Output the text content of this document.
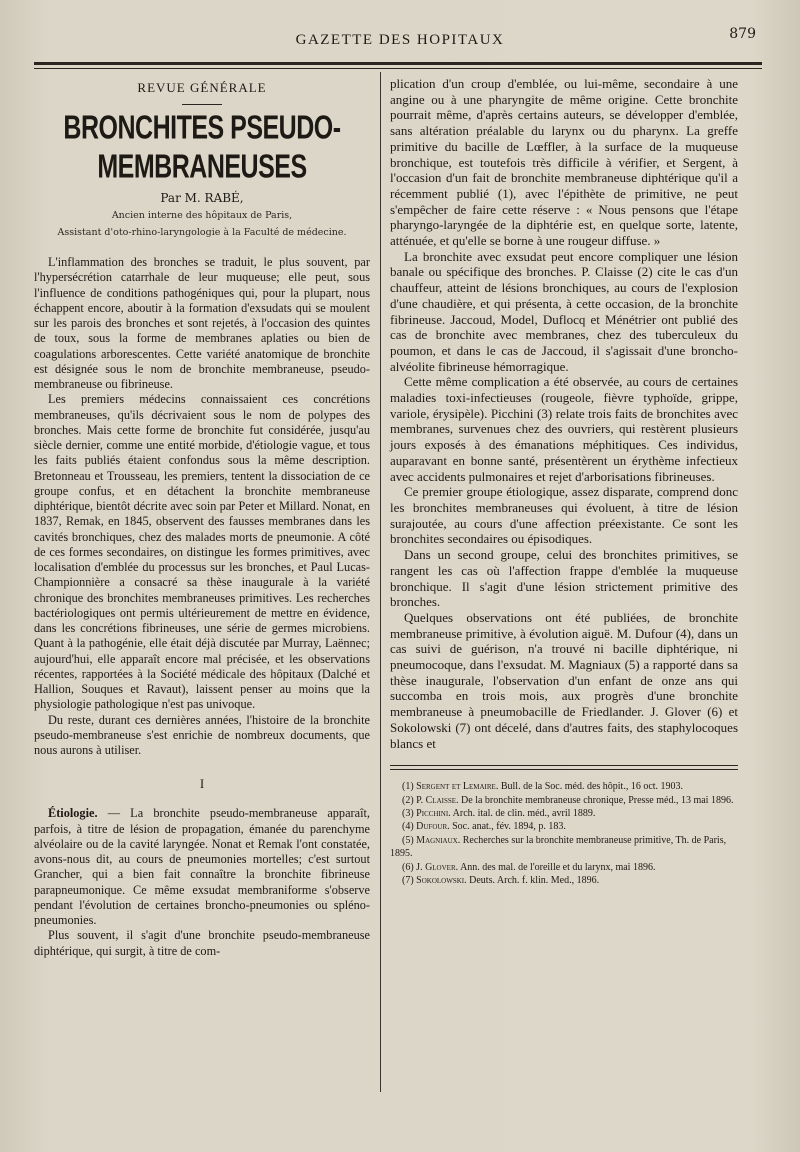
GAZETTE DES HOPITAUX	879
REVUE GÉNÉRALE
BRONCHITES PSEUDO-MEMBRANEUSES
Par M. RABÉ,
Ancien interne des hôpitaux de Paris,
Assistant d'oto-rhino-laryngologie à la Faculté de médecine.

L'inflammation des bronches se traduit, le plus souvent, par l'hypersécrétion catarrhale de leur muqueuse; elle peut, sous l'influence de conditions pathogéniques qui, pour la plupart, nous échappent encore, aboutir à la formation d'exsudats qui se moulent sur les parois des bronches et sont rejetés, à l'occasion des quintes de toux, sous la forme de membranes aplaties ou bien de coagulations arborescentes. Cette variété anatomique de bronchite est désignée sous le nom de bronchite membraneuse, pseudo-membraneuse ou fibrineuse.

Les premiers médecins connaissaient ces concrétions membraneuses, qu'ils décrivaient sous le nom de polypes des bronches. Mais cette forme de bronchite fut considérée, jusqu'au siècle dernier, comme une entité morbide, d'étiologie vague, et tous les faits publiés étaient confondus sous la même description. Bretonneau et Trousseau, les premiers, tentent la dissociation de ce groupe confus, et en détachent la bronchite membraneuse diphtérique, bientôt décrite avec soin par Peter et Millard. Nonat, en 1837, Remak, en 1845, observent des fausses membranes dans les cavités bronchiques, chez des malades morts de pneumonie. A côté de ces formes secondaires, on distingue les formes primitives, avec localisation d'emblée du processus sur les bronches, et Paul Lucas-Championnière a consacré sa thèse inaugurale à la variété chronique des bronchites membraneuses primitives. Les recherches bactériologiques ont permis ultérieurement de mettre en évidence, dans les concrétions fibrineuses, une série de germes microbiens. Quant à la pathogénie, elle était déjà discutée par Murray, Laënnec; aujourd'hui, elle apparaît encore mal précisée, et les observations récentes, rapportées à la Société médicale des hôpitaux (Dalché et Hallion, Souques et Ravaut), laissent penser au moins que la physiologie pathologique n'est pas univoque.

Du reste, durant ces dernières années, l'histoire de la bronchite pseudo-membraneuse s'est enrichie de nombreux documents, que nous aurons à utiliser.

I

Étiologie. — La bronchite pseudo-membraneuse apparaît, parfois, à titre de lésion de propagation, émanée du parenchyme alvéolaire ou de la cavité laryngée. Nonat et Remak l'ont constatée, avons-nous dit, au cours de pneumonies mortelles; c'est surtout Grancher, qui a bien fait connaître la bronchite fibrineuse parapneumonique. Ce même exsudat membraniforme s'observe pendant l'évolution de certaines broncho-pneumonies ou spléno-pneumonies.

Plus souvent, il s'agit d'une bronchite pseudo-membraneuse diphtérique, qui surgit, à titre de com-

plication d'un croup d'emblée, ou lui-même, secondaire à une angine ou à une pharyngite de même origine. Cette bronchite pourrait même, d'après certains auteurs, se développer d'emblée, sans altération préalable du larynx ou du pharynx. La greffe primitive du bacille de Lœffler, à la surface de la muqueuse bronchique, est toutefois très difficile à vérifier, et Sergent, à l'occasion d'un fait de bronchite membraneuse diphtérique qu'il a récemment publié (1), avec l'épithète de primitive, ne peut s'empêcher de faire cette réserve : « Nous pensons que l'étape pharyngo-laryngée de la diphtérie est, en quelque sorte, latente, atténuée, et qu'elle se borne à une rougeur diffuse. »

La bronchite avec exsudat peut encore compliquer une lésion banale ou spécifique des bronches. P. Claisse (2) cite le cas d'un chauffeur, atteint de lésions bronchiques, au cours de l'explosion d'une chaudière, et qui présenta, à cette occasion, de la bronchite fibrineuse. Jaccoud, Model, Duflocq et Ménétrier ont publié des cas de bronchite avec membranes, chez des tuberculeux du poumon, et dans le cas de Jaccoud, il s'agissait d'une broncho-alvéolite fibrineuse hémorragique.

Cette même complication a été observée, au cours de certaines maladies toxi-infectieuses (rougeole, fièvre typhoïde, grippe, variole, érysipèle). Picchini (3) relate trois faits de bronchites avec membranes, survenues chez des ouvriers, qui restèrent plusieurs jours exposés à des émanations méphitiques. Ces individus, auparavant en bonne santé, présentèrent un érythème infectieux avec accidents pulmonaires et rejet d'arborisations fibrineuses.

Ce premier groupe étiologique, assez disparate, comprend donc les bronchites membraneuses qui évoluent, à titre de lésion surajoutée, au cours d'une affection préexistante. Ce sont les bronchites secondaires ou épisodiques.

Dans un second groupe, celui des bronchites primitives, se rangent les cas où l'affection frappe d'emblée la muqueuse bronchique. Il s'agit d'une lésion strictement primitive des bronches.

Quelques observations ont été publiées, de bronchite membraneuse primitive, à évolution aiguë. M. Dufour (4), dans un cas suivi de guérison, n'a trouvé ni bacille diphtérique, ni pneumocoque, dans l'exsudat. M. Magniaux (5) a rapporté dans sa thèse inaugurale, l'observation d'un enfant de onze ans qui succomba en trois mois, aux progrès d'une bronchite membraneuse à pneumobacille de Friedlander. J. Glover (6) et Sokolowski (7) ont décelé, dans d'autres faits, des staphylocoques blancs et

(1) Sergent et Lemaire. Bull. de la Soc. méd. des hôpit., 16 oct. 1903.

(2) P. Claisse. De la bronchite membraneuse chronique, Presse méd., 13 mai 1896.

(3) Picchini. Arch. ital. de clin. méd., avril 1889.

(4) Dufour. Soc. anat., fév. 1894, p. 183.

(5) Magniaux. Recherches sur la bronchite membraneuse primitive, Th. de Paris, 1895.

(6) J. Glover. Ann. des mal. de l'oreille et du larynx, mai 1896.

(7) Sokolowski. Deuts. Arch. f. klin. Med., 1896.
